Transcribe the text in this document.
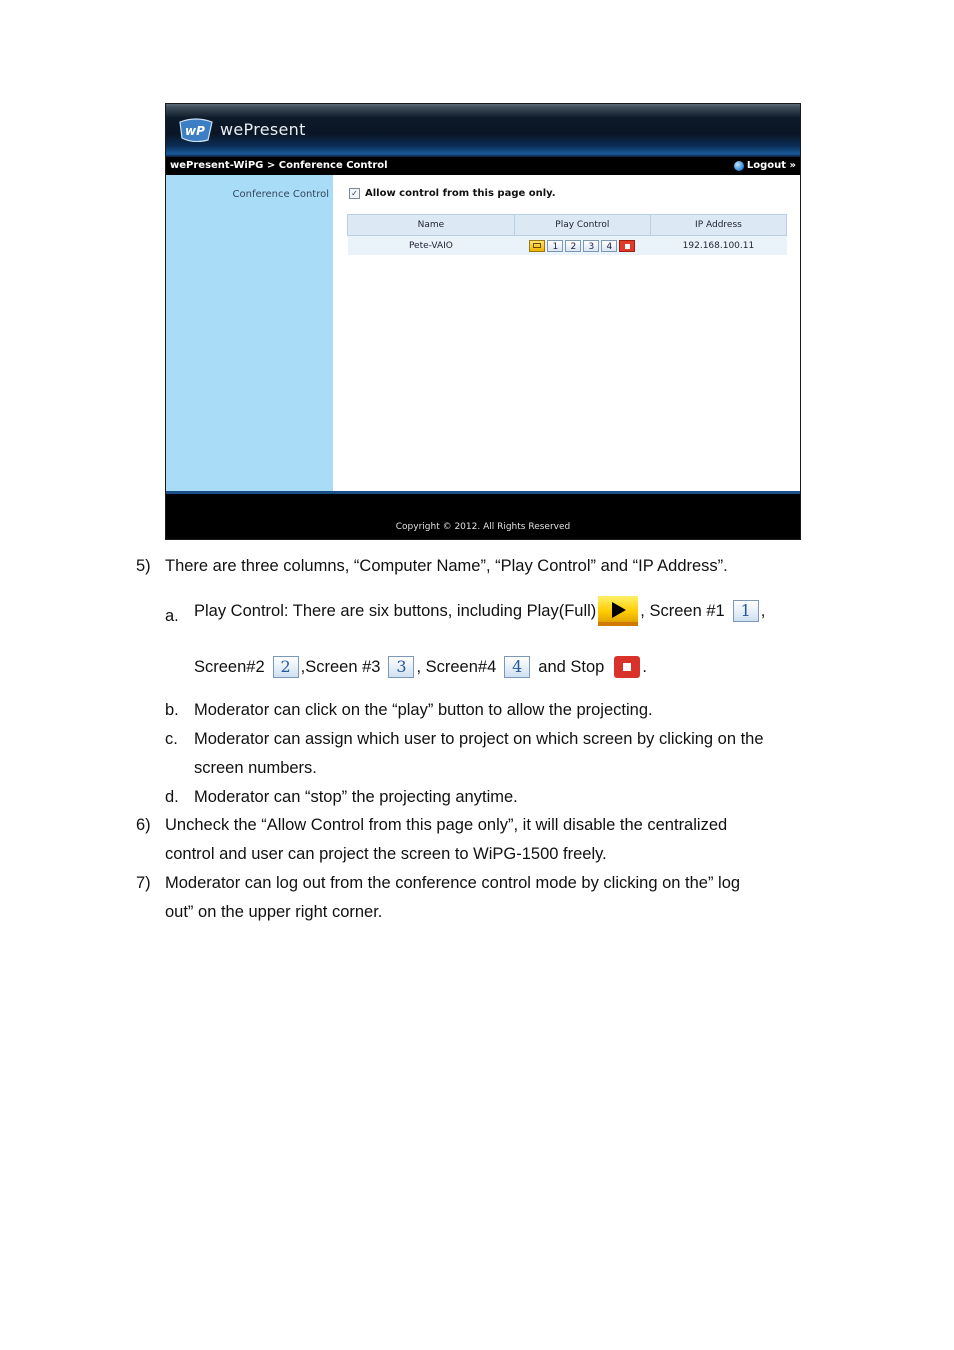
wP wePresent
wePresent-WiPG > Conference Control	Logout »
Conference Control	✓ Allow control from this page only.
Name	Play Control	IP Address
Pete-VAIO	1 2 3 4	192.168.100.11
Copyright © 2012. All Rights Reserved
5) There are three columns, “Computer Name”, “Play Control” and “IP Address”.
a. Play Control: There are six buttons, including Play(Full)	, Screen #1 1 ,
Screen#2 2 ,Screen #3 3 , Screen#4 4 and Stop .
b. Moderator can click on the “play” button to allow the projecting.
c. Moderator can assign which user to project on which screen by clicking on the
screen numbers.
d. Moderator can “stop” the projecting anytime.
6) Uncheck the “Allow Control from this page only”, it will disable the centralized
control and user can project the screen to WiPG-1500 freely.
7) Moderator can log out from the conference control mode by clicking on the” log
out” on the upper right corner.
